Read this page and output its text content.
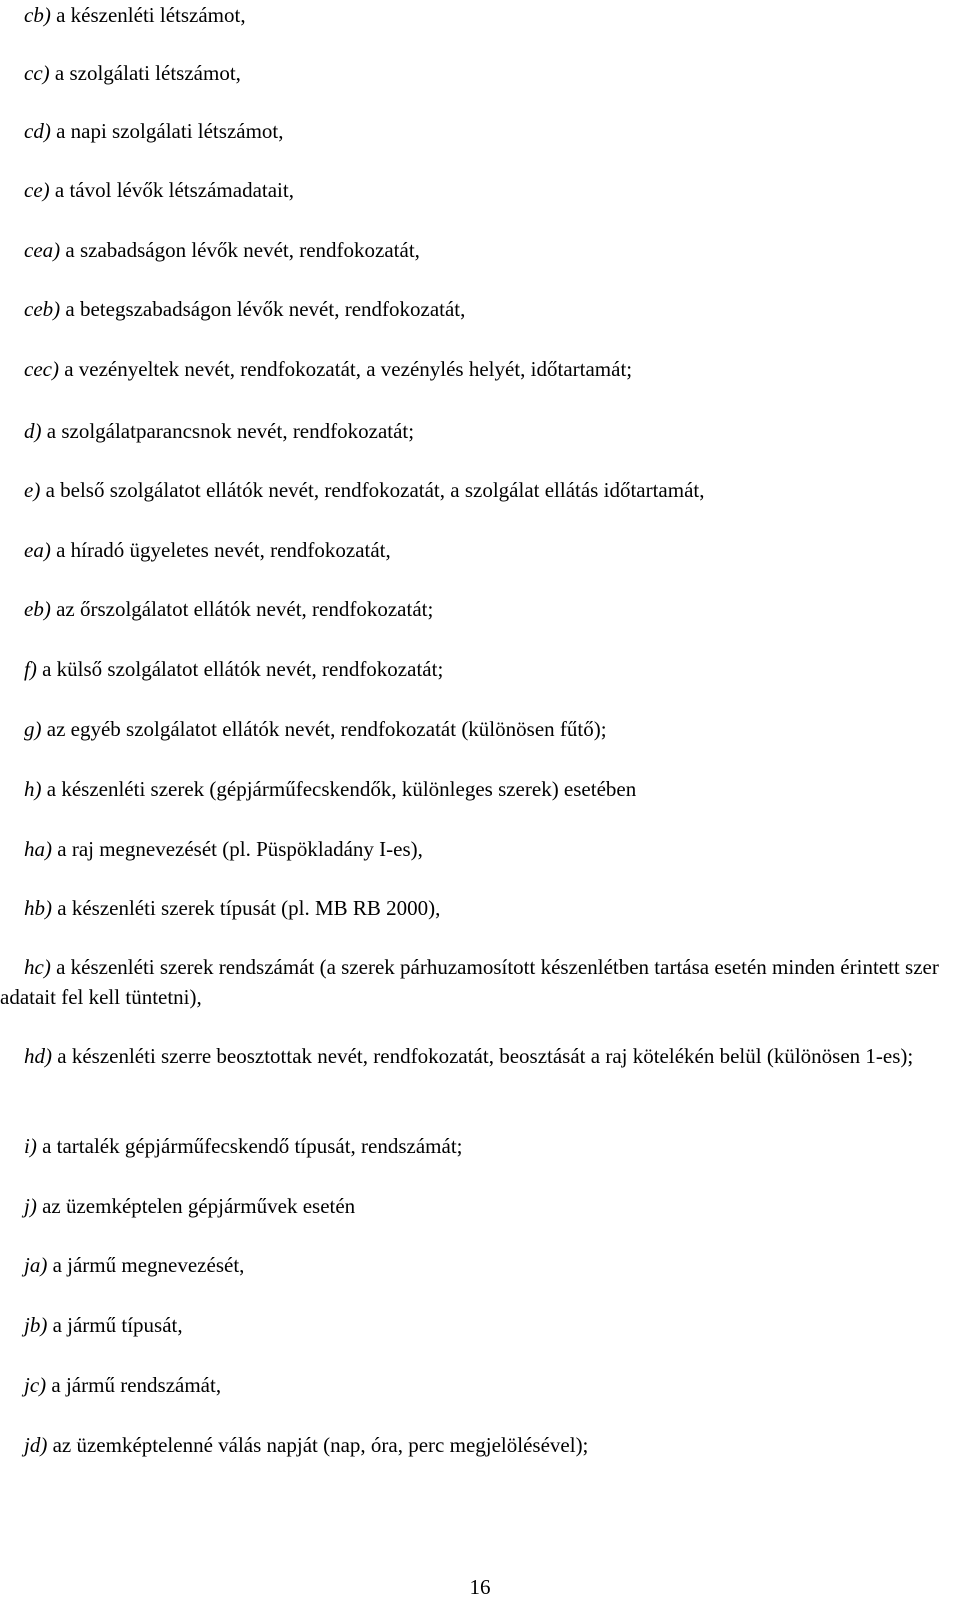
cb) a készenléti létszámot,
cc) a szolgálati létszámot,
cd) a napi szolgálati létszámot,
ce) a távol lévők létszámadatait,
cea) a szabadságon lévők nevét, rendfokozatát,
ceb) a betegszabadságon lévők nevét, rendfokozatát,
cec) a vezényeltek nevét, rendfokozatát, a vezénylés helyét, időtartamát;
d) a szolgálatparancsnok nevét, rendfokozatát;
e) a belső szolgálatot ellátók nevét, rendfokozatát, a szolgálat ellátás időtartamát,
ea) a híradó ügyeletes nevét, rendfokozatát,
eb) az őrszolgálatot ellátók nevét, rendfokozatát;
f) a külső szolgálatot ellátók nevét, rendfokozatát;
g) az egyéb szolgálatot ellátók nevét, rendfokozatát (különösen fűtő);
h) a készenléti szerek (gépjárműfecskendők, különleges szerek) esetében
ha) a raj megnevezését (pl. Püspökladány I-es),
hb) a készenléti szerek típusát (pl. MB RB 2000),
hc) a készenléti szerek rendszámát (a szerek párhuzamosított készenlétben tartása esetén minden érintett szer adatait fel kell tüntetni),
hd) a készenléti szerre beosztottak nevét, rendfokozatát, beosztását a raj kötelékén belül (különösen 1-es);
i) a tartalék gépjárműfecskendő típusát, rendszámát;
j) az üzemképtelen gépjárművek esetén
ja) a jármű megnevezését,
jb) a jármű típusát,
jc) a jármű rendszámát,
jd) az üzemképtelenné válás napját (nap, óra, perc megjelölésével);
16
